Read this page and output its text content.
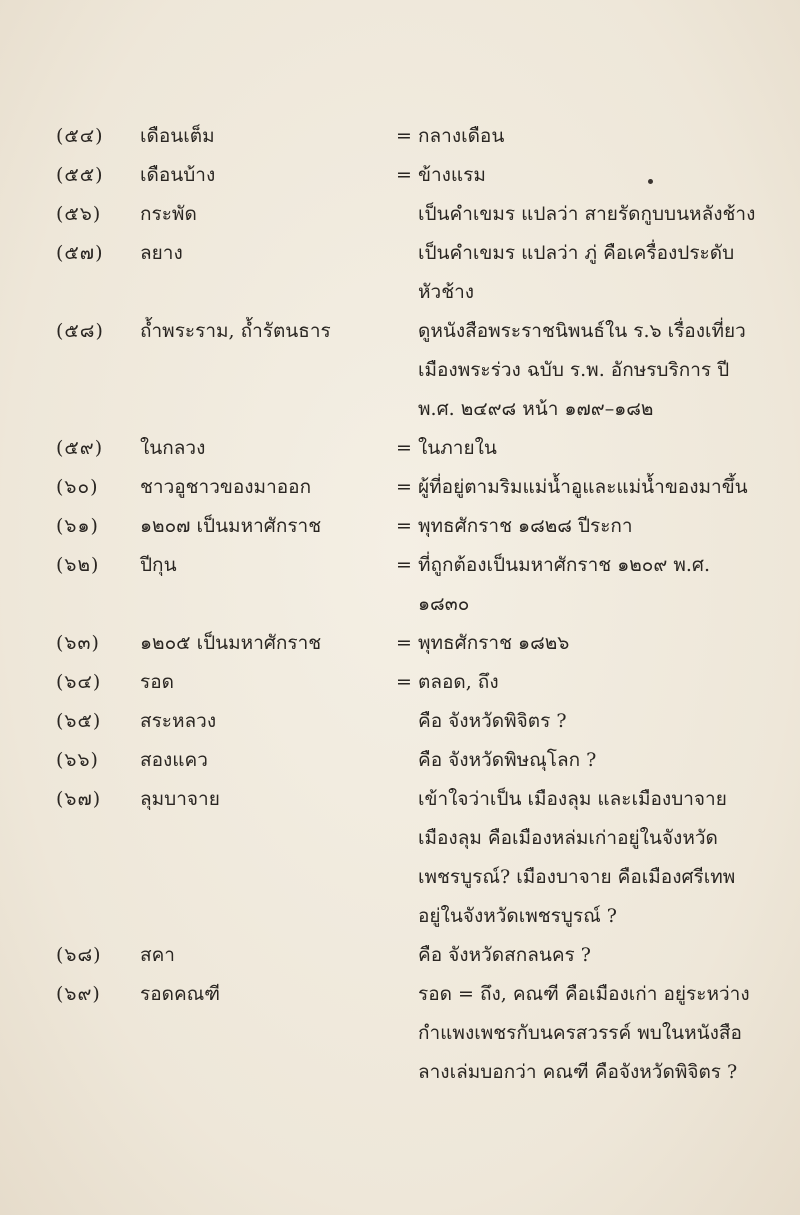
(๕๔)	เดือนเต็ม	= กลางเดือน
(๕๕)	เดือนบ้าง	= ข้างแรม
(๕๖)	กระพัด	เป็นคำเขมร แปลว่า สายรัดกูบบนหลังช้าง
(๕๗)	ลยาง	เป็นคำเขมร แปลว่า ภู่ คือเครื่องประดับ
หัวช้าง
(๕๘)	ถ้ำพระราม, ถ้ำรัตนธาร	ดูหนังสือพระราชนิพนธ์ใน ร.๖ เรื่องเที่ยว
เมืองพระร่วง ฉบับ ร.พ. อักษรบริการ ปี
พ.ศ. ๒๔๙๘ หน้า ๑๗๙–๑๘๒
(๕๙)	ในกลวง	= ในภายใน
(๖๐)	ชาวอูชาวของมาออก	= ผู้ที่อยู่ตามริมแม่น้ำอูและแม่น้ำของมาขึ้น
(๖๑)	๑๒๐๗ เป็นมหาศักราช	= พุทธศักราช ๑๘๒๘ ปีระกา
(๖๒)	ปีกุน	= ที่ถูกต้องเป็นมหาศักราช ๑๒๐๙ พ.ศ.
๑๘๓๐
(๖๓)	๑๒๐๕ เป็นมหาศักราช	= พุทธศักราช ๑๘๒๖
(๖๔)	รอด	= ตลอด, ถึง
(๖๕)	สระหลวง	คือ จังหวัดพิจิตร ?
(๖๖)	สองแคว	คือ จังหวัดพิษณุโลก ?
(๖๗)	ลุมบาจาย	เข้าใจว่าเป็น เมืองลุม และเมืองบาจาย
เมืองลุม คือเมืองหล่มเก่าอยู่ในจังหวัด
เพชรบูรณ์? เมืองบาจาย คือเมืองศรีเทพ
อยู่ในจังหวัดเพชรบูรณ์ ?
(๖๘)	สคา	คือ จังหวัดสกลนคร ?
(๖๙)	รอดคณฑี	รอด = ถึง, คณฑี คือเมืองเก่า อยู่ระหว่าง
กำแพงเพชรกับนครสวรรค์ พบในหนังสือ
ลางเล่มบอกว่า คณฑี คือจังหวัดพิจิตร ?
